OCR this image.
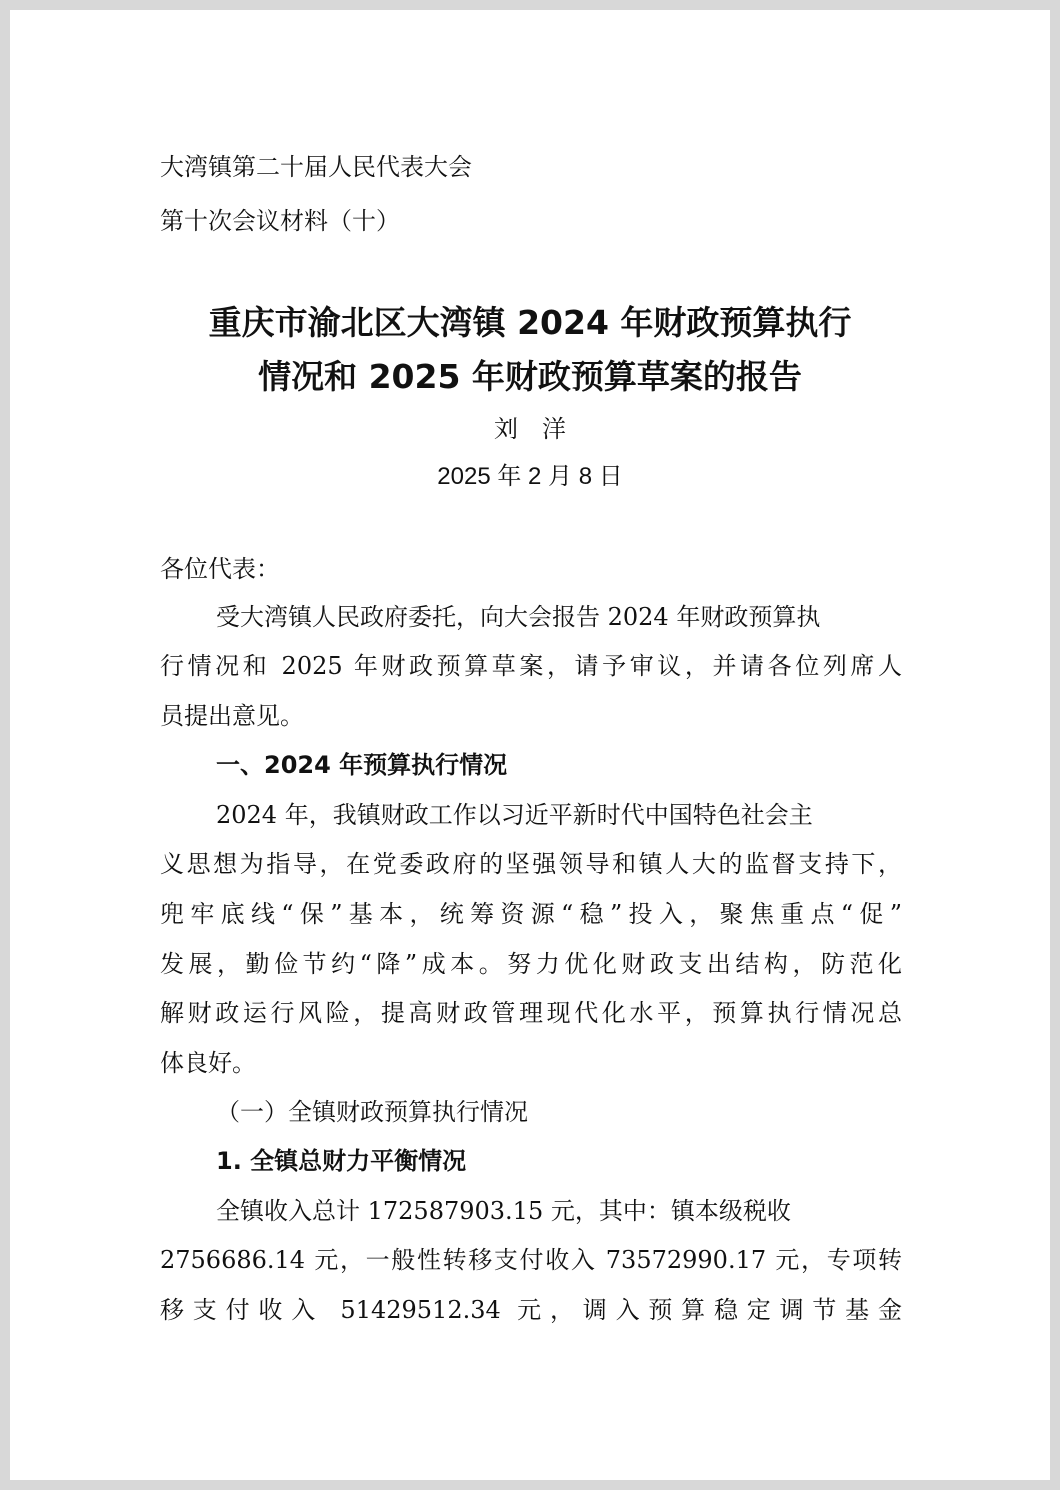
大湾镇第二十届人民代表大会
第十次会议材料（十）
重庆市渝北区大湾镇 2024 年财政预算执行
情况和 2025 年财政预算草案的报告
刘　洋
2025 年 2 月 8 日
各位代表：
受大湾镇人民政府委托，向大会报告 2024 年财政预算执
行情况和 2025 年财政预算草案，请予审议，并请各位列席人
员提出意见。
一、2024 年预算执行情况
2024 年，我镇财政工作以习近平新时代中国特色社会主
义思想为指导，在党委政府的坚强领导和镇人大的监督支持下，
兜牢底线“保”基本，统筹资源“稳”投入，聚焦重点“促”
发展，勤俭节约“降”成本。努力优化财政支出结构，防范化
解财政运行风险，提高财政管理现代化水平，预算执行情况总
体良好。
（一）全镇财政预算执行情况
1. 全镇总财力平衡情况
全镇收入总计 172587903.15 元，其中：镇本级税收
2756686.14 元，一般性转移支付收入 73572990.17 元，专项转
移支付收入 51429512.34 元，调入预算稳定调节基金
